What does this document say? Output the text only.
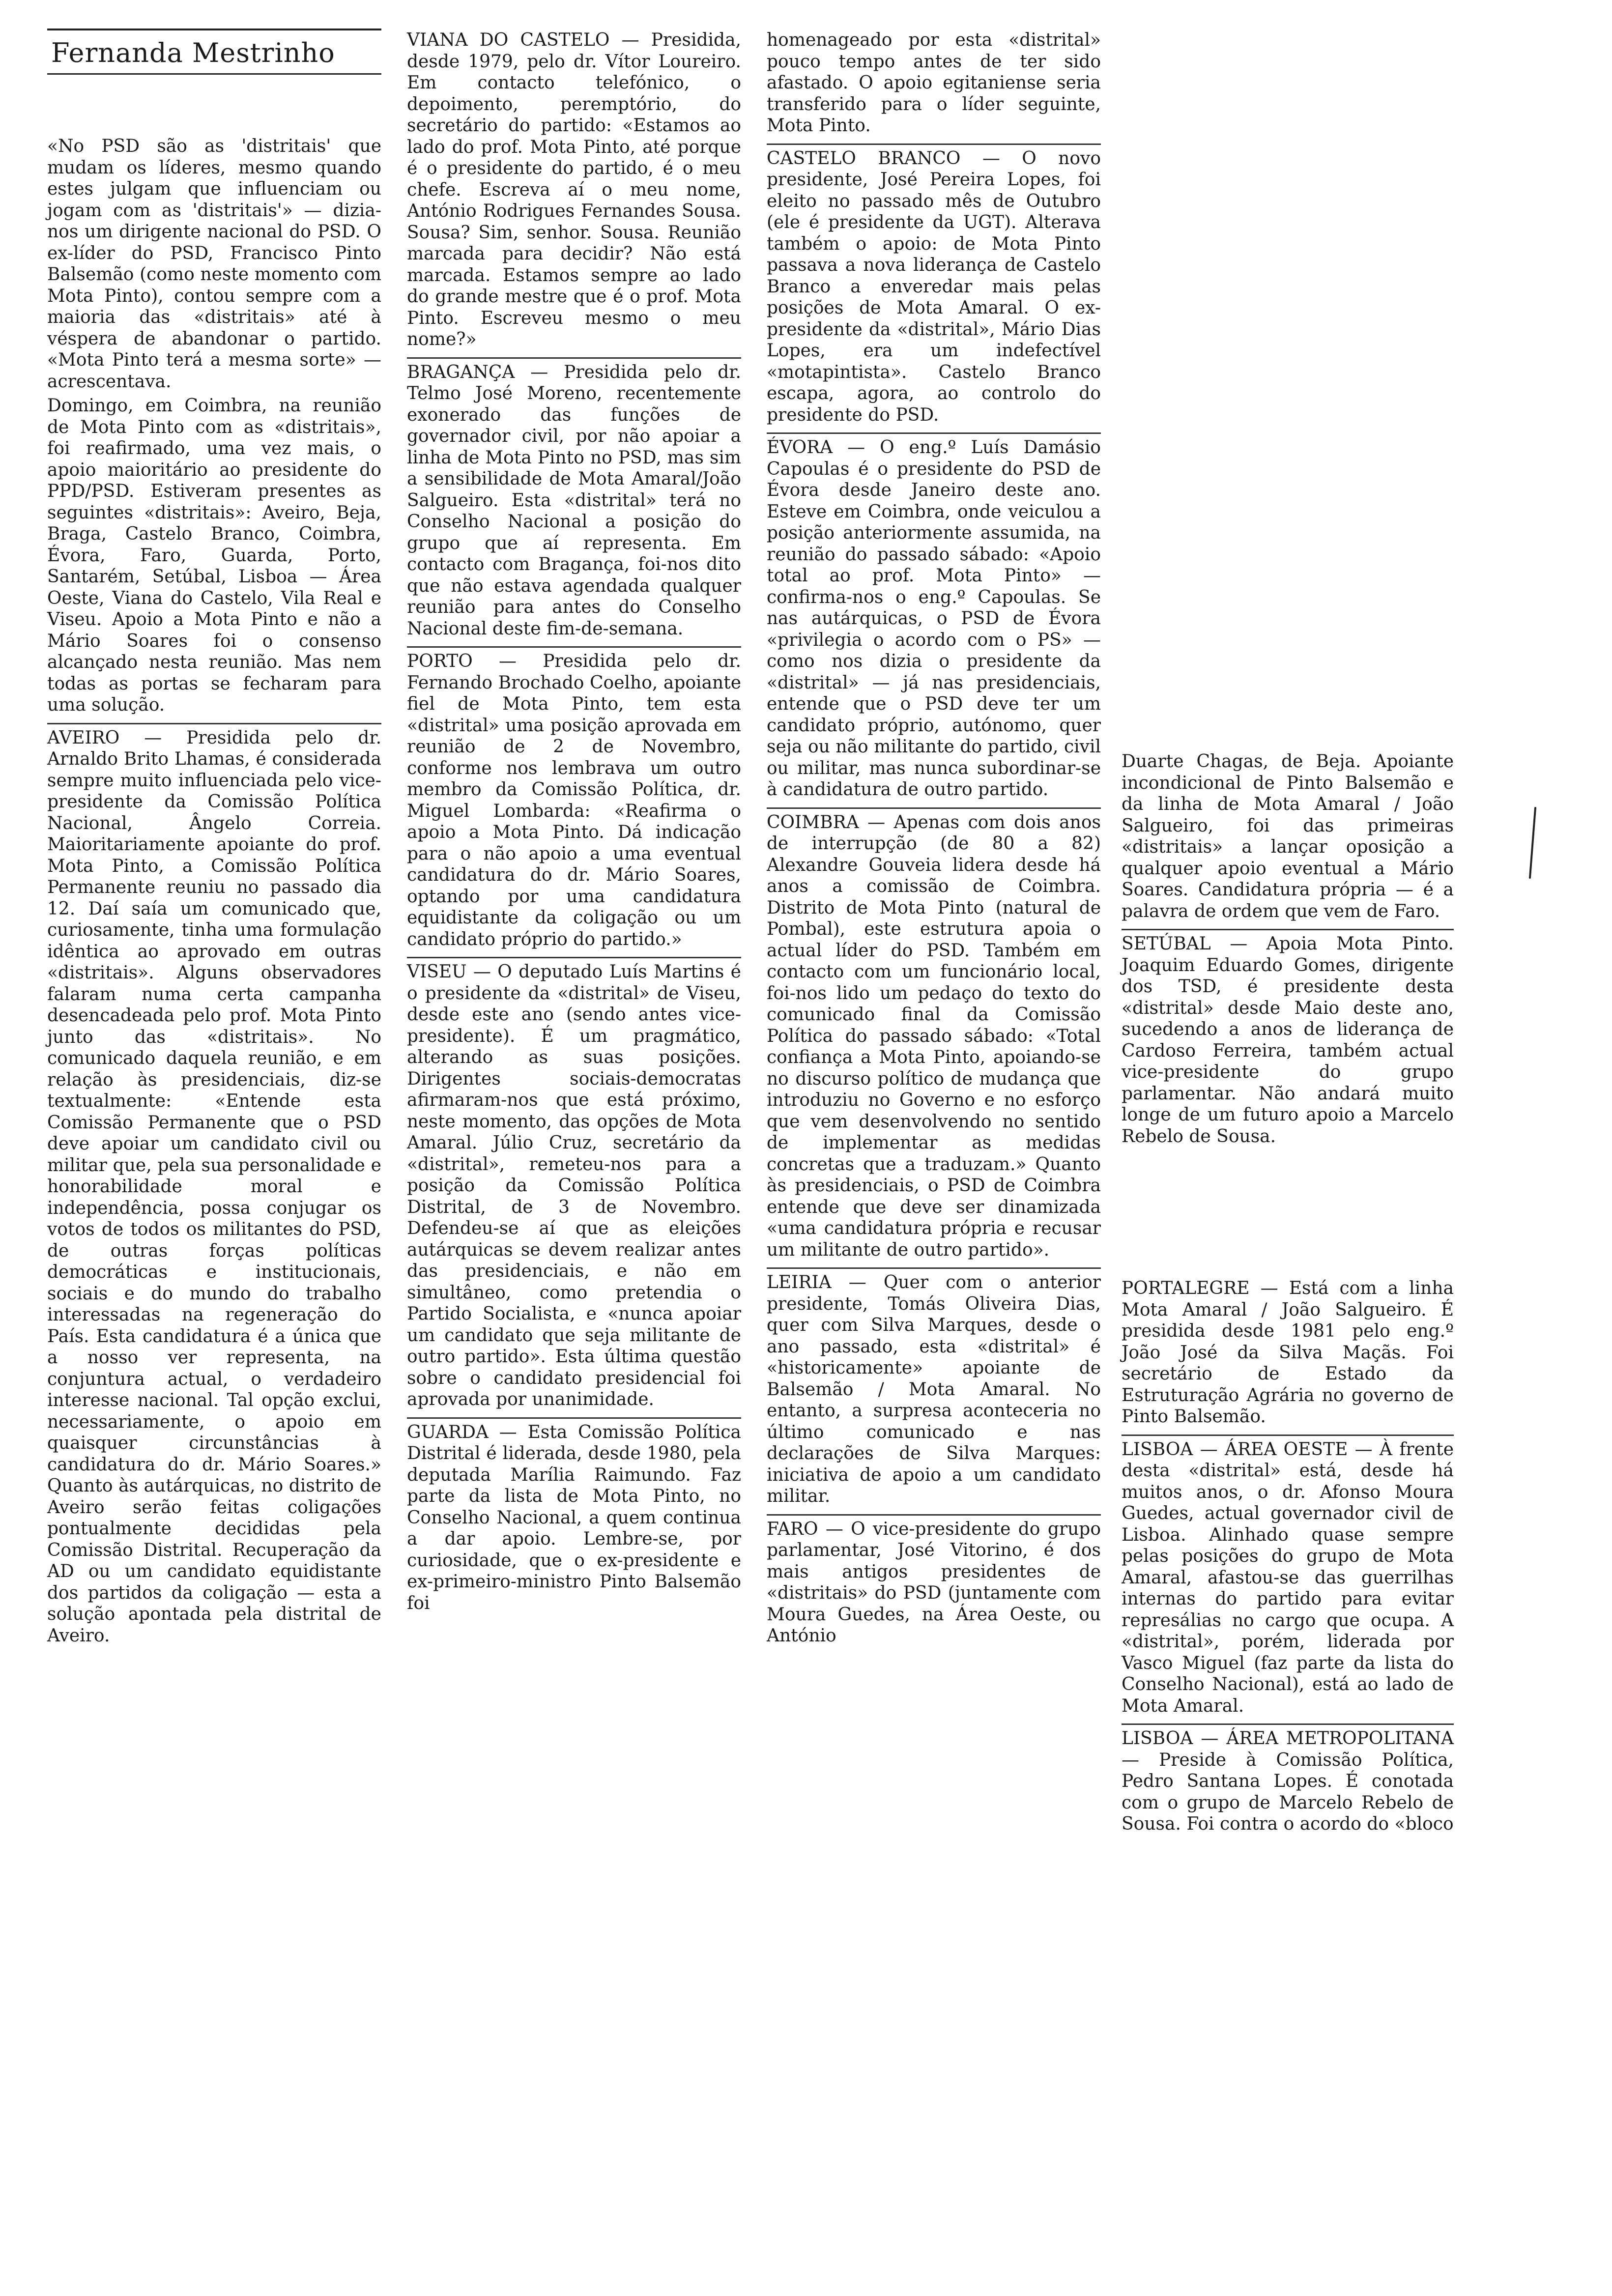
Fernanda Mestrinho

«No PSD são as 'distritais' que mudam os líderes, mesmo quando estes julgam que influenciam ou jogam com as 'distritais'» — dizia-nos um dirigente nacional do PSD. O ex-líder do PSD, Francisco Pinto Balsemão (como neste momento com Mota Pinto), contou sempre com a maioria das «distritais» até à véspera de abandonar o partido. «Mota Pinto terá a mesma sorte» — acrescentava.

Domingo, em Coimbra, na reunião de Mota Pinto com as «distritais», foi reafirmado, uma vez mais, o apoio maioritário ao presidente do PPD/PSD. Estiveram presentes as seguintes «distritais»: Aveiro, Beja, Braga, Castelo Branco, Coimbra, Évora, Faro, Guarda, Porto, Santarém, Setúbal, Lisboa — Área Oeste, Viana do Castelo, Vila Real e Viseu. Apoio a Mota Pinto e não a Mário Soares foi o consenso alcançado nesta reunião. Mas nem todas as portas se fecharam para uma solução.

AVEIRO — Presidida pelo dr. Arnaldo Brito Lhamas, é considerada sempre muito influenciada pelo vice-presidente da Comissão Política Nacional, Ângelo Correia. Maioritariamente apoiante do prof. Mota Pinto, a Comissão Política Permanente reuniu no passado dia 12. Daí saía um comunicado que, curiosamente, tinha uma formulação idêntica ao aprovado em outras «distritais». Alguns observadores falaram numa certa campanha desencadeada pelo prof. Mota Pinto junto das «distritais». No comunicado daquela reunião, e em relação às presidenciais, diz-se textualmente: «Entende esta Comissão Permanente que o PSD deve apoiar um candidato civil ou militar que, pela sua personalidade e honorabilidade moral e independência, possa conjugar os votos de todos os militantes do PSD, de outras forças políticas democráticas e institucionais, sociais e do mundo do trabalho interessadas na regeneração do País. Esta candidatura é a única que a nosso ver representa, na conjuntura actual, o verdadeiro interesse nacional. Tal opção exclui, necessariamente, o apoio em quaisquer circunstâncias à candidatura do dr. Mário Soares.» Quanto às autárquicas, no distrito de Aveiro serão feitas coligações pontualmente decididas pela Comissão Distrital. Recuperação da AD ou um candidato equidistante dos partidos da coligação — esta a solução apontada pela distrital de Aveiro.

VIANA DO CASTELO — Presidida, desde 1979, pelo dr. Vítor Loureiro. Em contacto telefónico, o depoimento, peremptório, do secretário do partido: «Estamos ao lado do prof. Mota Pinto, até porque é o presidente do partido, é o meu chefe. Escreva aí o meu nome, António Rodrigues Fernandes Sousa. Sousa? Sim, senhor. Sousa. Reunião marcada para decidir? Não está marcada. Estamos sempre ao lado do grande mestre que é o prof. Mota Pinto. Escreveu mesmo o meu nome?»

BRAGANÇA — Presidida pelo dr. Telmo José Moreno, recentemente exonerado das funções de governador civil, por não apoiar a linha de Mota Pinto no PSD, mas sim a sensibilidade de Mota Amaral/João Salgueiro. Esta «distrital» terá no Conselho Nacional a posição do grupo que aí representa. Em contacto com Bragança, foi-nos dito que não estava agendada qualquer reunião para antes do Conselho Nacional deste fim-de-semana.

PORTO — Presidida pelo dr. Fernando Brochado Coelho, apoiante fiel de Mota Pinto, tem esta «distrital» uma posição aprovada em reunião de 2 de Novembro, conforme nos lembrava um outro membro da Comissão Política, dr. Miguel Lombarda: «Reafirma o apoio a Mota Pinto. Dá indicação para o não apoio a uma eventual candidatura do dr. Mário Soares, optando por uma candidatura equidistante da coligação ou um candidato próprio do partido.»

VISEU — O deputado Luís Martins é o presidente da «distrital» de Viseu, desde este ano (sendo antes vice-presidente). É um pragmático, alterando as suas posições. Dirigentes sociais-democratas afirmaram-nos que está próximo, neste momento, das opções de Mota Amaral. Júlio Cruz, secretário da «distrital», remeteu-nos para a posição da Comissão Política Distrital, de 3 de Novembro. Defendeu-se aí que as eleições autárquicas se devem realizar antes das presidenciais, e não em simultâneo, como pretendia o Partido Socialista, e «nunca apoiar um candidato que seja militante de outro partido». Esta última questão sobre o candidato presidencial foi aprovada por unanimidade.

GUARDA — Esta Comissão Política Distrital é liderada, desde 1980, pela deputada Marília Raimundo. Faz parte da lista de Mota Pinto, no Conselho Nacional, a quem continua a dar apoio. Lembre-se, por curiosidade, que o ex-presidente e ex-primeiro-ministro Pinto Balsemão foi

homenageado por esta «distrital» pouco tempo antes de ter sido afastado. O apoio egitaniense seria transferido para o líder seguinte, Mota Pinto.

CASTELO BRANCO — O novo presidente, José Pereira Lopes, foi eleito no passado mês de Outubro (ele é presidente da UGT). Alterava também o apoio: de Mota Pinto passava a nova liderança de Castelo Branco a enveredar mais pelas posições de Mota Amaral. O ex-presidente da «distrital», Mário Dias Lopes, era um indefectível «motapintista». Castelo Branco escapa, agora, ao controlo do presidente do PSD.

ÉVORA — O eng.º Luís Damásio Capoulas é o presidente do PSD de Évora desde Janeiro deste ano. Esteve em Coimbra, onde veiculou a posição anteriormente assumida, na reunião do passado sábado: «Apoio total ao prof. Mota Pinto» — confirma-nos o eng.º Capoulas. Se nas autárquicas, o PSD de Évora «privilegia o acordo com o PS» — como nos dizia o presidente da «distrital» — já nas presidenciais, entende que o PSD deve ter um candidato próprio, autónomo, quer seja ou não militante do partido, civil ou militar, mas nunca subordinar-se à candidatura de outro partido.

COIMBRA — Apenas com dois anos de interrupção (de 80 a 82) Alexandre Gouveia lidera desde há anos a comissão de Coimbra. Distrito de Mota Pinto (natural de Pombal), este estrutura apoia o actual líder do PSD. Também em contacto com um funcionário local, foi-nos lido um pedaço do texto do comunicado final da Comissão Política do passado sábado: «Total confiança a Mota Pinto, apoiando-se no discurso político de mudança que introduziu no Governo e no esforço que vem desenvolvendo no sentido de implementar as medidas concretas que a traduzam.» Quanto às presidenciais, o PSD de Coimbra entende que deve ser dinamizada «uma candidatura própria e recusar um militante de outro partido».

LEIRIA — Quer com o anterior presidente, Tomás Oliveira Dias, quer com Silva Marques, desde o ano passado, esta «distrital» é «historicamente» apoiante de Balsemão / Mota Amaral. No entanto, a surpresa aconteceria no último comunicado e nas declarações de Silva Marques: iniciativa de apoio a um candidato militar.

FARO — O vice-presidente do grupo parlamentar, José Vitorino, é dos mais antigos presidentes de «distritais» do PSD (juntamente com Moura Guedes, na Área Oeste, ou António

Duarte Chagas, de Beja. Apoiante incondicional de Pinto Balsemão e da linha de Mota Amaral / João Salgueiro, foi das primeiras «distritais» a lançar oposição a qualquer apoio eventual a Mário Soares. Candidatura própria — é a palavra de ordem que vem de Faro.

SETÚBAL — Apoia Mota Pinto. Joaquim Eduardo Gomes, dirigente dos TSD, é presidente desta «distrital» desde Maio deste ano, sucedendo a anos de liderança de Cardoso Ferreira, também actual vice-presidente do grupo parlamentar. Não andará muito longe de um futuro apoio a Marcelo Rebelo de Sousa.

PORTALEGRE — Está com a linha Mota Amaral / João Salgueiro. É presidida desde 1981 pelo eng.º João José da Silva Maçãs. Foi secretário de Estado da Estruturação Agrária no governo de Pinto Balsemão.

LISBOA — ÁREA OESTE — À frente desta «distrital» está, desde há muitos anos, o dr. Afonso Moura Guedes, actual governador civil de Lisboa. Alinhado quase sempre pelas posições do grupo de Mota Amaral, afastou-se das guerrilhas internas do partido para evitar represálias no cargo que ocupa. A «distrital», porém, liderada por Vasco Miguel (faz parte da lista do Conselho Nacional), está ao lado de Mota Amaral.

LISBOA — ÁREA METROPOLITANA — Preside à Comissão Política, Pedro Santana Lopes. É conotada com o grupo de Marcelo Rebelo de Sousa. Foi contra o acordo do «bloco
